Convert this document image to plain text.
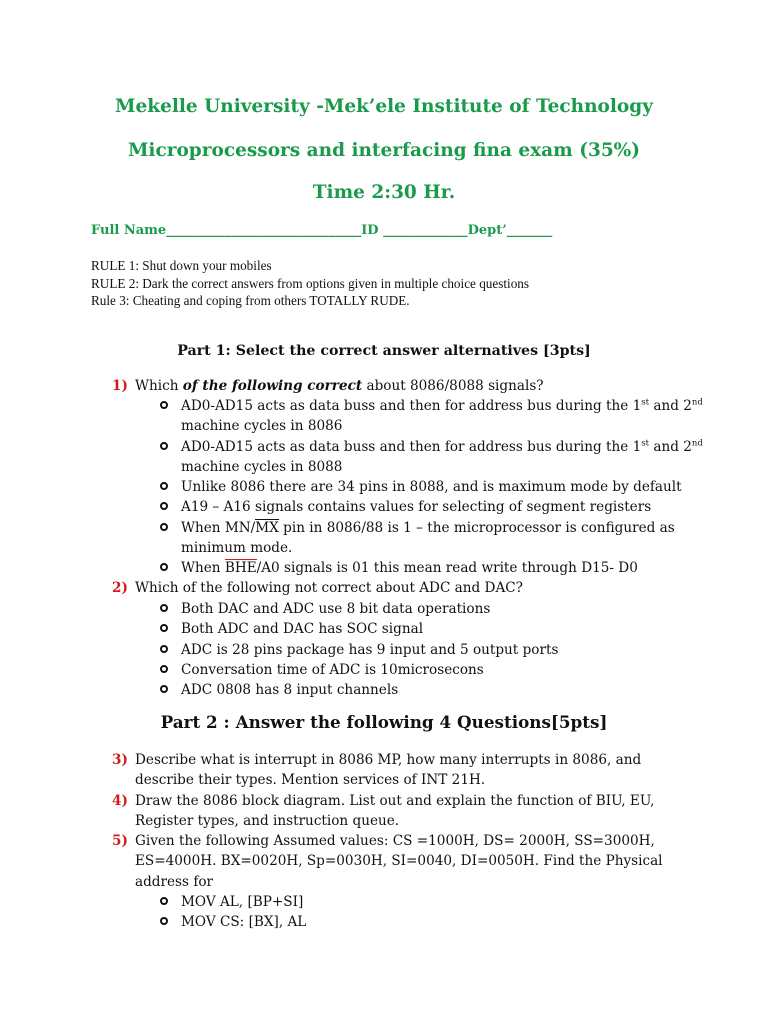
Mekelle University -Mek’ele Institute of Technology
Microprocessors and interfacing fina exam (35%)
Time 2:30 Hr.
Full Name______________________________ID _____________Dept’_______
RULE 1: Shut down your mobiles
RULE 2: Dark the correct answers from options given in multiple choice questions
Rule 3: Cheating and coping from others TOTALLY RUDE.
Part 1: Select the correct answer alternatives [3pts]
1) Which of the following correct about 8086/8088 signals?
AD0-AD15 acts as data buss and then for address bus during the 1st and 2nd
machine cycles in 8086
AD0-AD15 acts as data buss and then for address bus during the 1st and 2nd
machine cycles in 8088
Unlike 8086 there are 34 pins in 8088, and is maximum mode by default
A19 – A16 signals contains values for selecting of segment registers
When MN/MX pin in 8086/88 is 1 – the microprocessor is configured as
minimum mode.
When BHE/A0 signals is 01 this mean read write through D15- D0
2) Which of the following not correct about ADC and DAC?
Both DAC and ADC use 8 bit data operations
Both ADC and DAC has SOC signal
ADC is 28 pins package has 9 input and 5 output ports
Conversation time of ADC is 10microsecons
ADC 0808 has 8 input channels
Part 2 : Answer the following 4 Questions[5pts]
3) Describe what is interrupt in 8086 MP, how many interrupts in 8086, and
describe their types. Mention services of INT 21H.
4) Draw the 8086 block diagram. List out and explain the function of BIU, EU,
Register types, and instruction queue.
5) Given the following Assumed values: CS =1000H, DS= 2000H, SS=3000H,
ES=4000H. BX=0020H, Sp=0030H, SI=0040, DI=0050H. Find the Physical
address for
MOV AL, [BP+SI]
MOV CS: [BX], AL
